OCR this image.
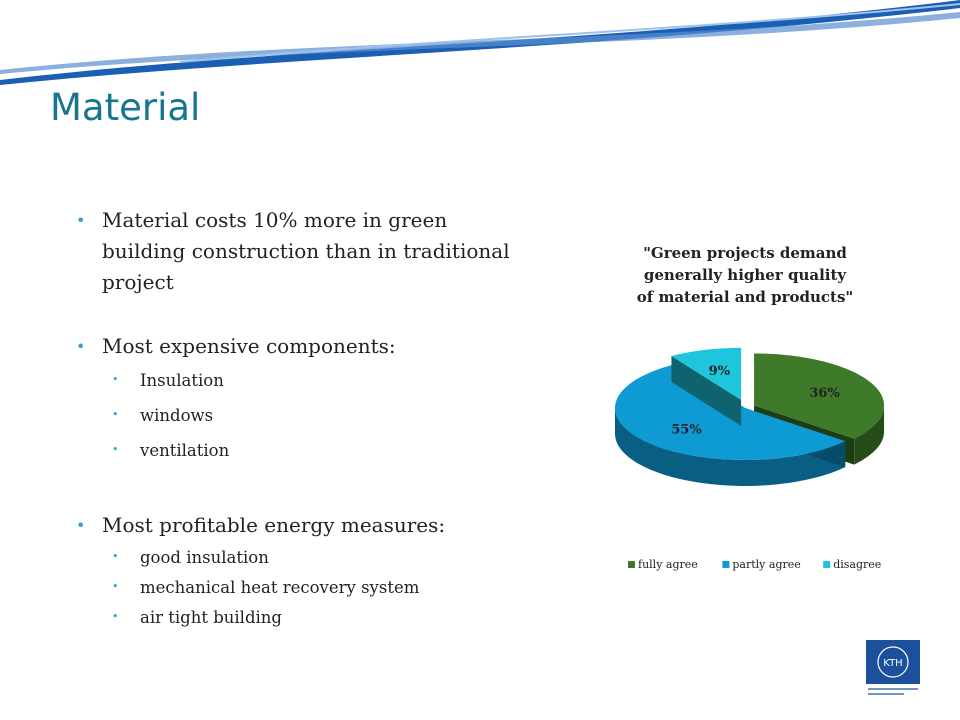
Material
• Material costs 10% more in green building construction than in traditional project
• Most expensive components:
• Insulation
• windows
• ventilation
• Most profitable energy measures:
• good insulation
• mechanical heat recovery system
• air tight building
"Green projects demand generally higher quality of material and products"
36%
55%
9%
fully agree	partly agree	disagree
KTH
